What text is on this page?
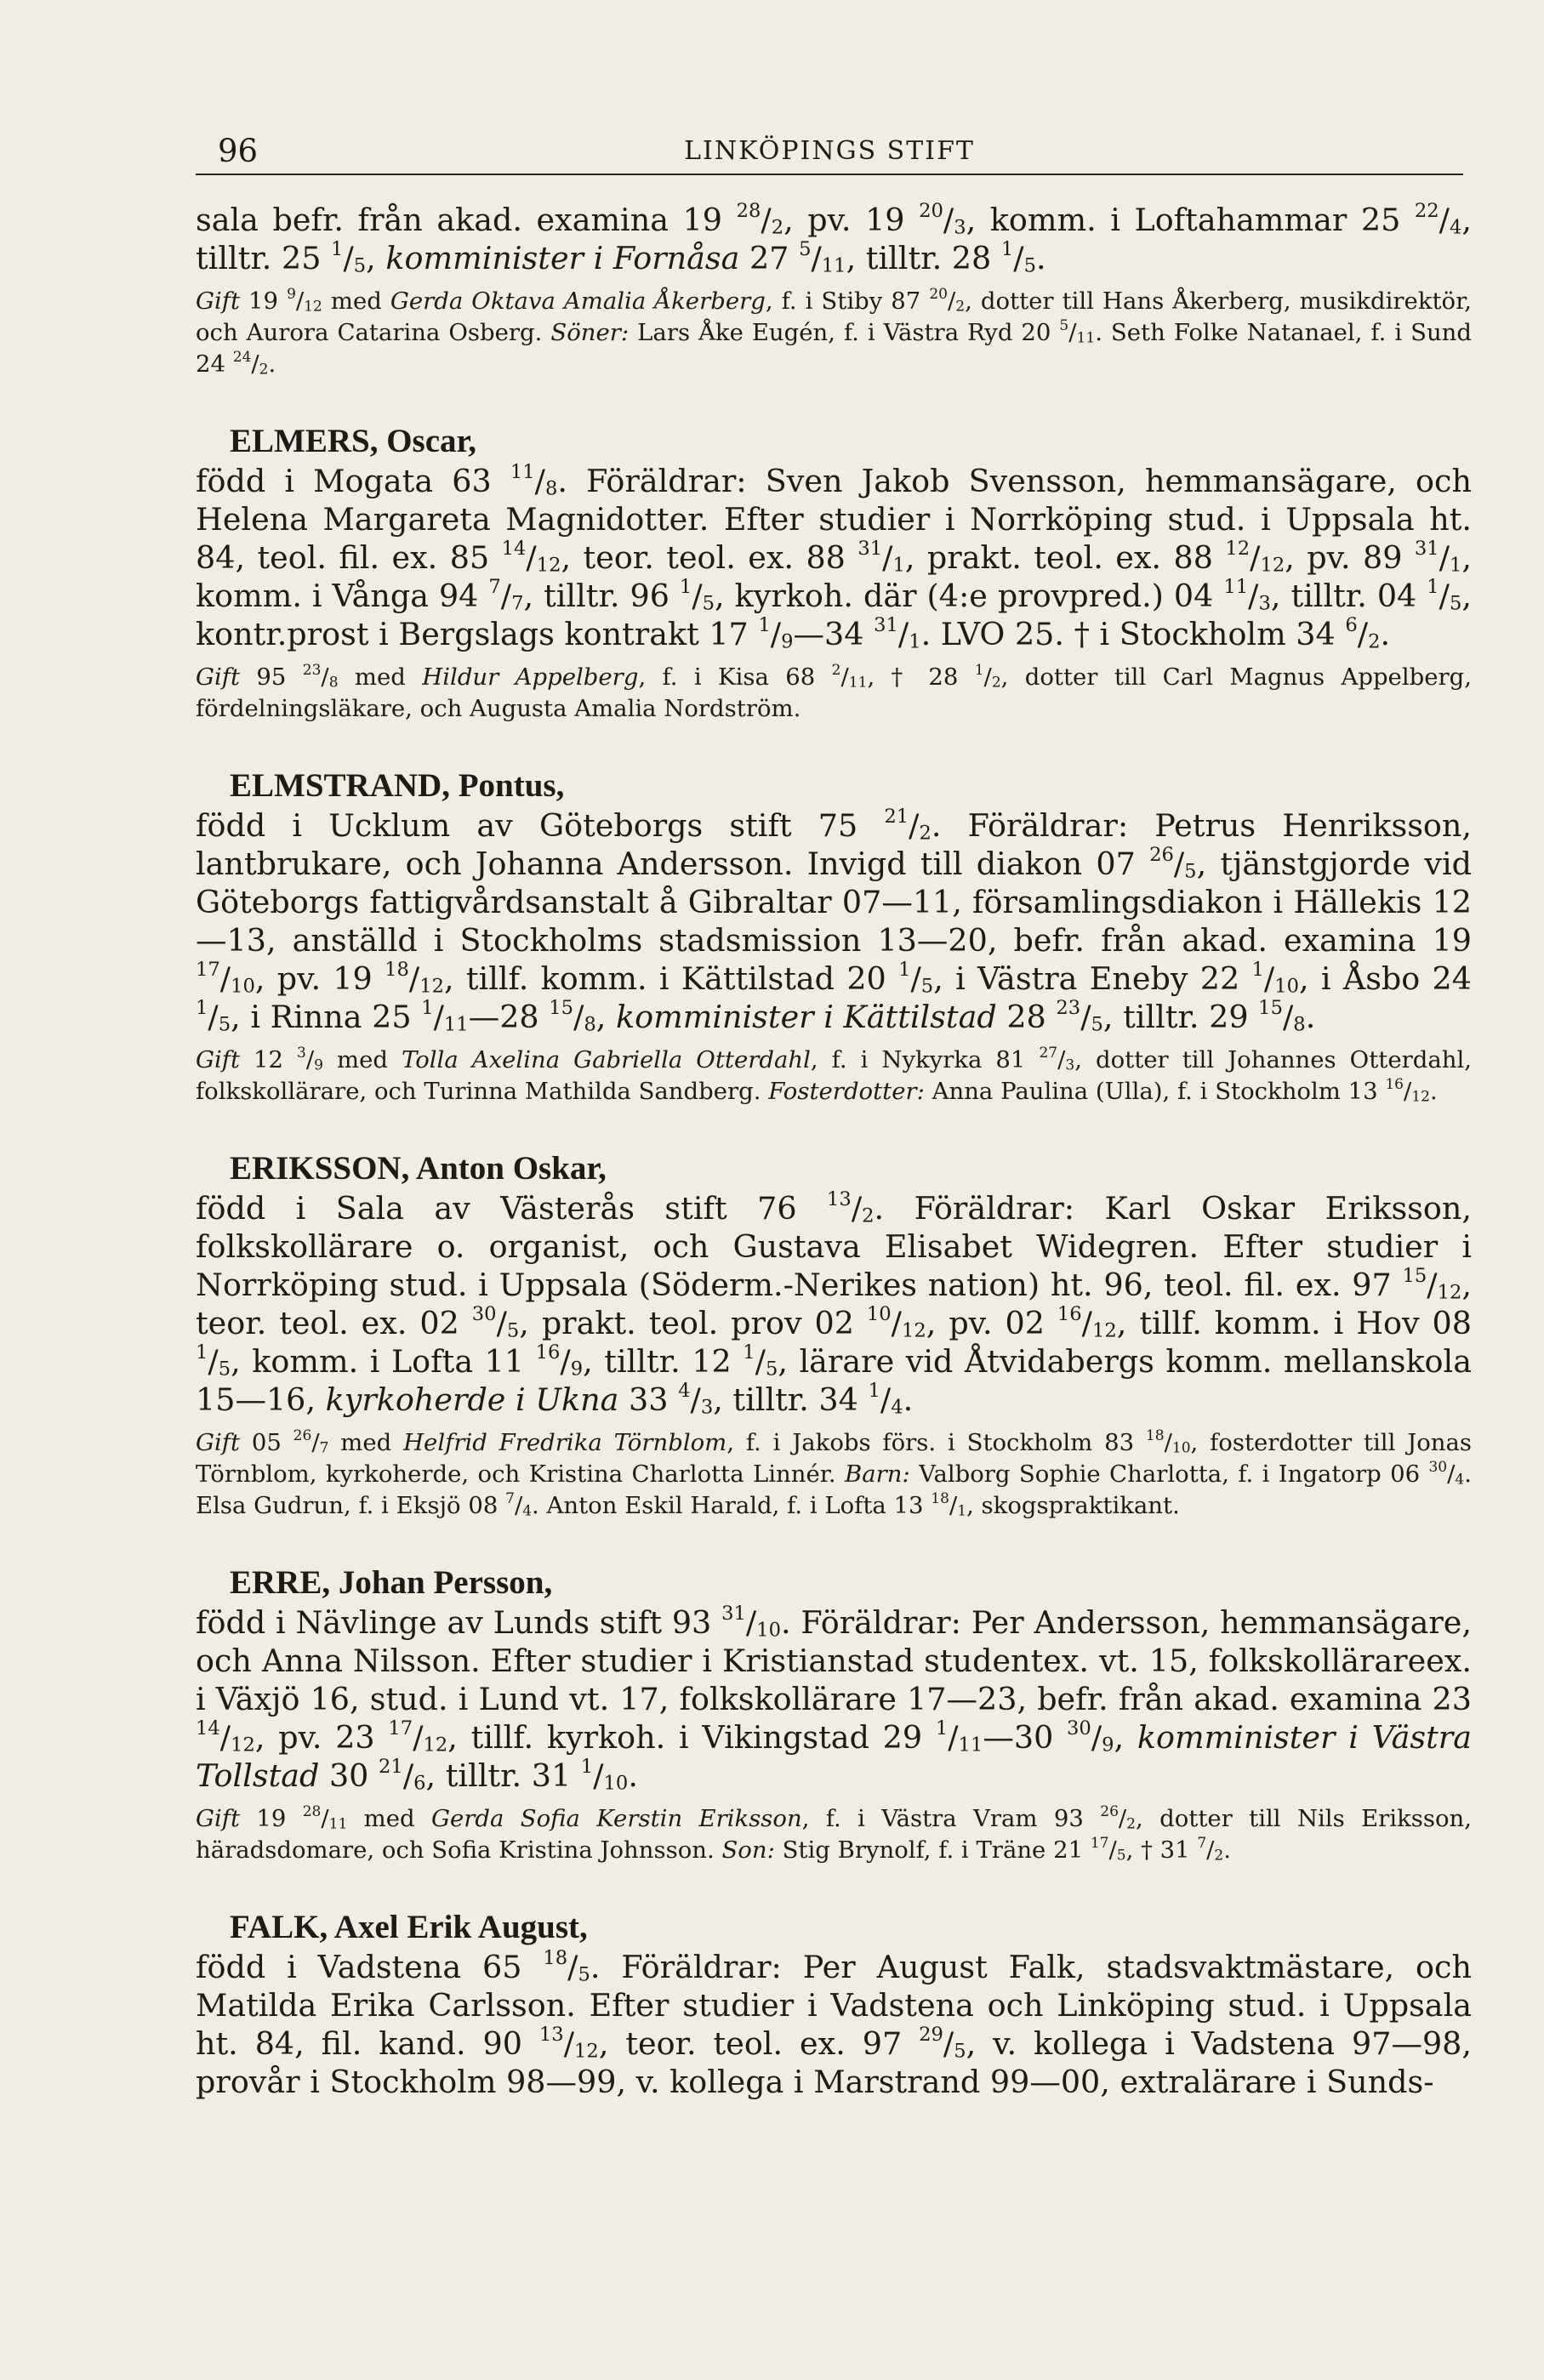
96	LINKÖPINGS STIFT

sala befr. från akad. examina 19 $^{28}/_2$, pv. 19 $^{20}/_3$, komm. i Loftahammar 25 $^{22}/_4$, tilltr. 25 $^1/_5$, komminister i Fornåsa 27 $^5/_{11}$, tilltr. 28 $^1/_5$.

Gift 19 $^9/_{12}$ med Gerda Oktava Amalia Åkerberg, f. i Stiby 87 $^{20}/_2$, dotter till Hans Åkerberg, musikdirektör, och Aurora Catarina Osberg. Söner: Lars Åke Eugén, f. i Västra Ryd 20 $^5/_{11}$. Seth Folke Natanael, f. i Sund 24 $^{24}/_2$.

ELMERS, Oscar,

född i Mogata 63 $^{11}/_8$. Föräldrar: Sven Jakob Svensson, hemmansägare, och Helena Margareta Magnidotter. Efter studier i Norrköping stud. i Uppsala ht. 84, teol. fil. ex. 85 $^{14}/_{12}$, teor. teol. ex. 88 $^{31}/_1$, prakt. teol. ex. 88 $^{12}/_{12}$, pv. 89 $^{31}/_1$, komm. i Vånga 94 $^7/_7$, tilltr. 96 $^1/_5$, kyrkoh. där (4:e provpred.) 04 $^{11}/_3$, tilltr. 04 $^1/_5$, kontr.prost i Bergslags kontrakt 17 $^1/_9—34$ $^{31}/_1$. LVO 25. † i Stockholm 34 $^6/_2$.

Gift 95 $^{23}/_8$ med Hildur Appelberg, f. i Kisa 68 $^2/_{11}$, † 28 $^1/_2$, dotter till Carl Magnus Appelberg, fördelningsläkare, och Augusta Amalia Nordström.

ELMSTRAND, Pontus,

född i Ucklum av Göteborgs stift 75 $^{21}/_2$. Föräldrar: Petrus Henriksson, lantbrukare, och Johanna Andersson. Invigd till diakon 07 $^{26}/_5$, tjänstgjorde vid Göteborgs fattigvårdsanstalt å Gibraltar 07—11, församlingsdiakon i Hällekis 12—13, anställd i Stockholms stadsmission 13—20, befr. från akad. examina 19 $^{17}/_{10}$, pv. 19 $^{18}/_{12}$, tillf. komm. i Kättilstad 20 $^1/_5$, i Västra Eneby 22 $^1/_{10}$, i Åsbo 24 $^1/_5$, i Rinna 25 $^1/_{11}—28$ $^{15}/_8$, komminister i Kättilstad 28 $^{23}/_5$, tilltr. 29 $^{15}/_8$.

Gift 12 $^3/_9$ med Tolla Axelina Gabriella Otterdahl, f. i Nykyrka 81 $^{27}/_3$, dotter till Johannes Otterdahl, folkskollärare, och Turinna Mathilda Sandberg. Fosterdotter: Anna Paulina (Ulla), f. i Stockholm 13 $^{16}/_{12}$.

ERIKSSON, Anton Oskar,

född i Sala av Västerås stift 76 $^{13}/_2$. Föräldrar: Karl Oskar Eriksson, folkskollärare o. organist, och Gustava Elisabet Widegren. Efter studier i Norrköping stud. i Uppsala (Söderm.-Nerikes nation) ht. 96, teol. fil. ex. 97 $^{15}/_{12}$, teor. teol. ex. 02 $^{30}/_5$, prakt. teol. prov 02 $^{10}/_{12}$, pv. 02 $^{16}/_{12}$, tillf. komm. i Hov 08 $^1/_5$, komm. i Lofta 11 $^{16}/_9$, tilltr. 12 $^1/_5$, lärare vid Åtvidabergs komm. mellanskola 15—16, kyrkoherde i Ukna 33 $^4/_3$, tilltr. 34 $^1/_4$.

Gift 05 $^{26}/_7$ med Helfrid Fredrika Törnblom, f. i Jakobs förs. i Stockholm 83 $^{18}/_{10}$, fosterdotter till Jonas Törnblom, kyrkoherde, och Kristina Charlotta Linnér. Barn: Valborg Sophie Charlotta, f. i Ingatorp 06 $^{30}/_4$. Elsa Gudrun, f. i Eksjö 08 $^7/_4$. Anton Eskil Harald, f. i Lofta 13 $^{18}/_1$, skogspraktikant.

ERRE, Johan Persson,

född i Nävlinge av Lunds stift 93 $^{31}/_{10}$. Föräldrar: Per Andersson, hemmansägare, och Anna Nilsson. Efter studier i Kristianstad studentex. vt. 15, folkskollärareex. i Växjö 16, stud. i Lund vt. 17, folkskollärare 17—23, befr. från akad. examina 23 $^{14}/_{12}$, pv. 23 $^{17}/_{12}$, tillf. kyrkoh. i Vikingstad 29 $^1/_{11}—30$ $^{30}/_9$, komminister i Västra Tollstad 30 $^{21}/_6$, tilltr. 31 $^1/_{10}$.

Gift 19 $^{28}/_{11}$ med Gerda Sofia Kerstin Eriksson, f. i Västra Vram 93 $^{26}/_2$, dotter till Nils Eriksson, häradsdomare, och Sofia Kristina Johnsson. Son: Stig Brynolf, f. i Träne 21 $^{17}/_5$, † 31 $^7/_2$.

FALK, Axel Erik August,

född i Vadstena 65 $^{18}/_5$. Föräldrar: Per August Falk, stadsvaktmästare, och Matilda Erika Carlsson. Efter studier i Vadstena och Linköping stud. i Uppsala ht. 84, fil. kand. 90 $^{13}/_{12}$, teor. teol. ex. 97 $^{29}/_5$, v. kollega i Vadstena 97—98, provår i Stockholm 98—99, v. kollega i Marstrand 99—00, extralärare i Sunds-
